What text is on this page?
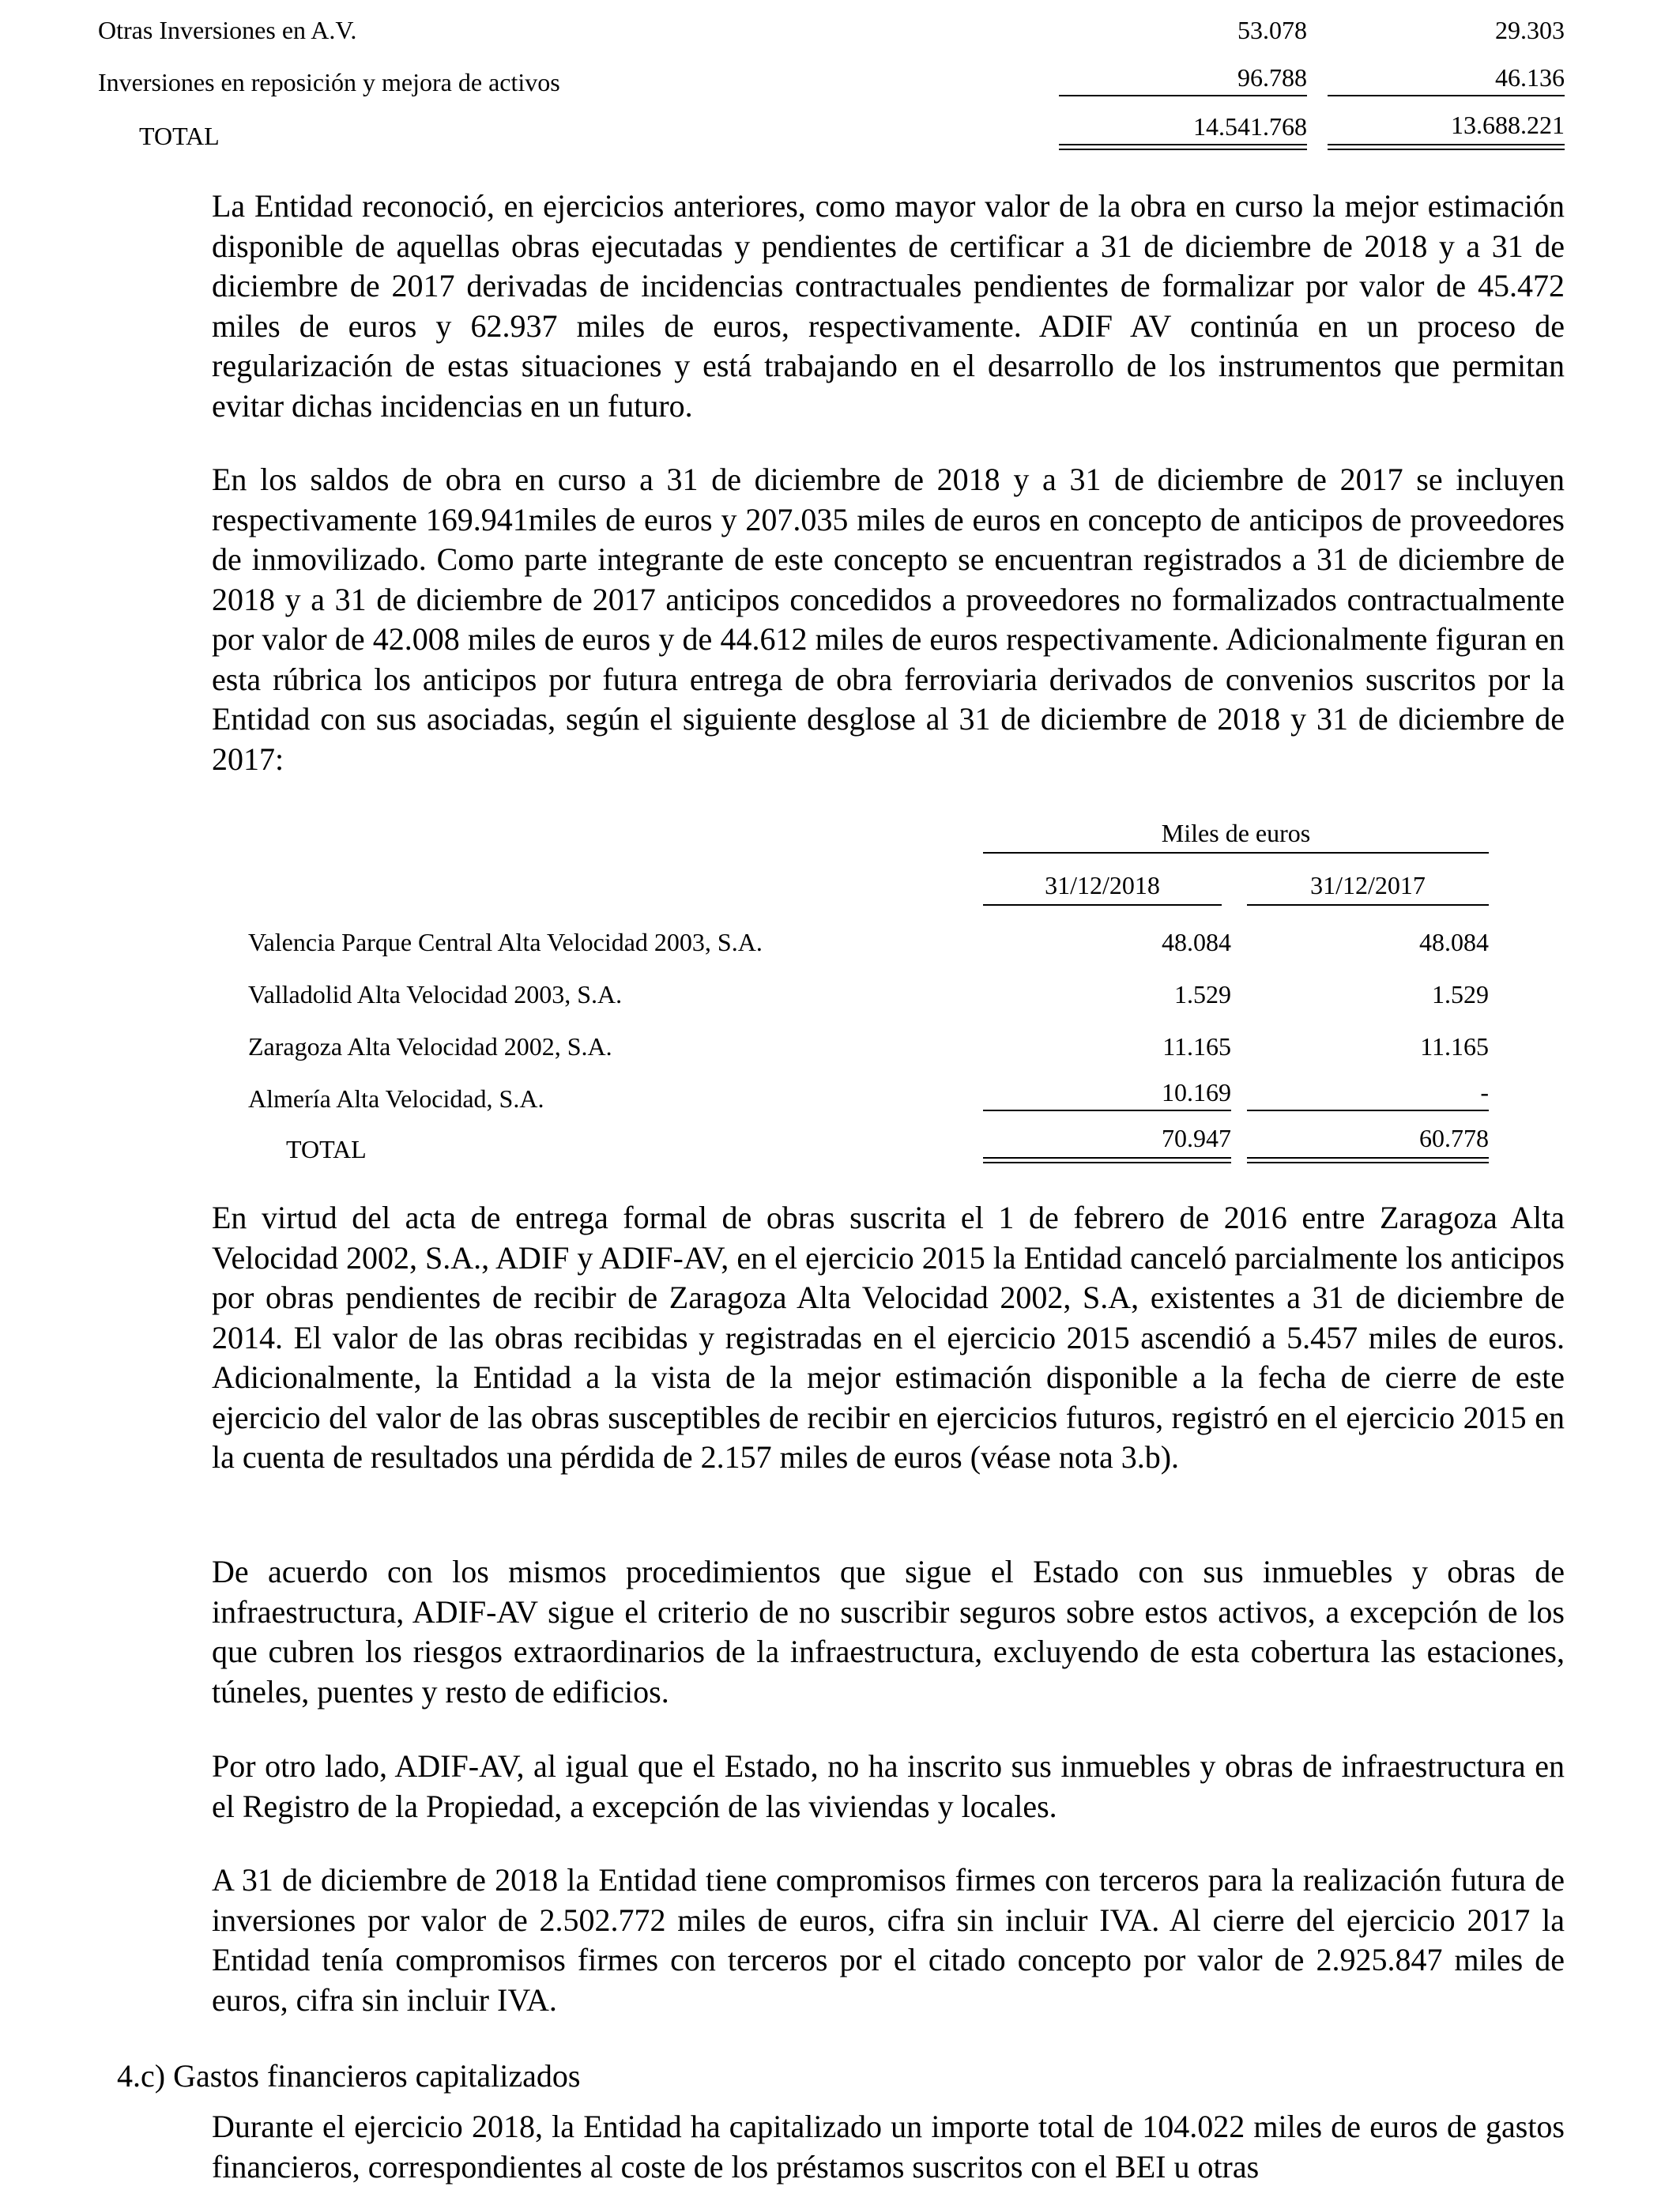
Otras Inversiones en A.V.	53.078	29.303
Inversiones en reposición y mejora de activos	96.788	46.136
TOTAL	14.541.768	13.688.221
La Entidad reconoció, en ejercicios anteriores, como mayor valor de la obra en curso la mejor estimación disponible de aquellas obras ejecutadas y pendientes de certificar a 31 de diciembre de 2018 y a 31 de diciembre de 2017 derivadas de incidencias contractuales pendientes de formalizar por valor de 45.472 miles de euros y 62.937 miles de euros, respectivamente. ADIF AV continúa en un proceso de regularización de estas situaciones y está trabajando en el desarrollo de los instrumentos que permitan evitar dichas incidencias en un futuro.
En los saldos de obra en curso a 31 de diciembre de 2018 y a 31 de diciembre de 2017 se incluyen respectivamente 169.941miles de euros y 207.035 miles de euros en concepto de anticipos de proveedores de inmovilizado. Como parte integrante de este concepto se encuentran registrados a 31 de diciembre de 2018 y a 31 de diciembre de 2017 anticipos concedidos a proveedores no formalizados contractualmente por valor de 42.008 miles de euros y de 44.612 miles de euros respectivamente. Adicionalmente figuran en esta rúbrica los anticipos por futura entrega de obra ferroviaria derivados de convenios suscritos por la Entidad con sus asociadas, según el siguiente desglose al 31 de diciembre de 2018 y 31 de diciembre de 2017:
Miles de euros
31/12/2018	31/12/2017
Valencia Parque Central Alta Velocidad 2003, S.A.	48.084	48.084
Valladolid Alta Velocidad 2003, S.A.	1.529	1.529
Zaragoza Alta Velocidad 2002, S.A.	11.165	11.165
Almería Alta Velocidad, S.A.	10.169	-
TOTAL	70.947	60.778
En virtud del acta de entrega formal de obras suscrita el 1 de febrero de 2016 entre Zaragoza Alta Velocidad 2002, S.A., ADIF y ADIF-AV, en el ejercicio 2015 la Entidad canceló parcialmente los anticipos por obras pendientes de recibir de Zaragoza Alta Velocidad 2002, S.A, existentes a 31 de diciembre de 2014. El valor de las obras recibidas y registradas en el ejercicio 2015 ascendió a 5.457 miles de euros. Adicionalmente, la Entidad a la vista de la mejor estimación disponible a la fecha de cierre de este ejercicio del valor de las obras susceptibles de recibir en ejercicios futuros, registró en el ejercicio 2015 en la cuenta de resultados una pérdida de 2.157 miles de euros (véase nota 3.b).
De acuerdo con los mismos procedimientos que sigue el Estado con sus inmuebles y obras de infraestructura, ADIF-AV sigue el criterio de no suscribir seguros sobre estos activos, a excepción de los que cubren los riesgos extraordinarios de la infraestructura, excluyendo de esta cobertura las estaciones, túneles, puentes y resto de edificios.
Por otro lado, ADIF-AV, al igual que el Estado, no ha inscrito sus inmuebles y obras de infraestructura en el Registro de la Propiedad, a excepción de las viviendas y locales.
A 31 de diciembre de 2018 la Entidad tiene compromisos firmes con terceros para la realización futura de inversiones por valor de 2.502.772 miles de euros, cifra sin incluir IVA. Al cierre del ejercicio 2017 la Entidad tenía compromisos firmes con terceros por el citado concepto por valor de 2.925.847 miles de euros, cifra sin incluir IVA.
4.c) Gastos financieros capitalizados
Durante el ejercicio 2018, la Entidad ha capitalizado un importe total de 104.022 miles de euros de gastos financieros, correspondientes al coste de los préstamos suscritos con el BEI u otras
